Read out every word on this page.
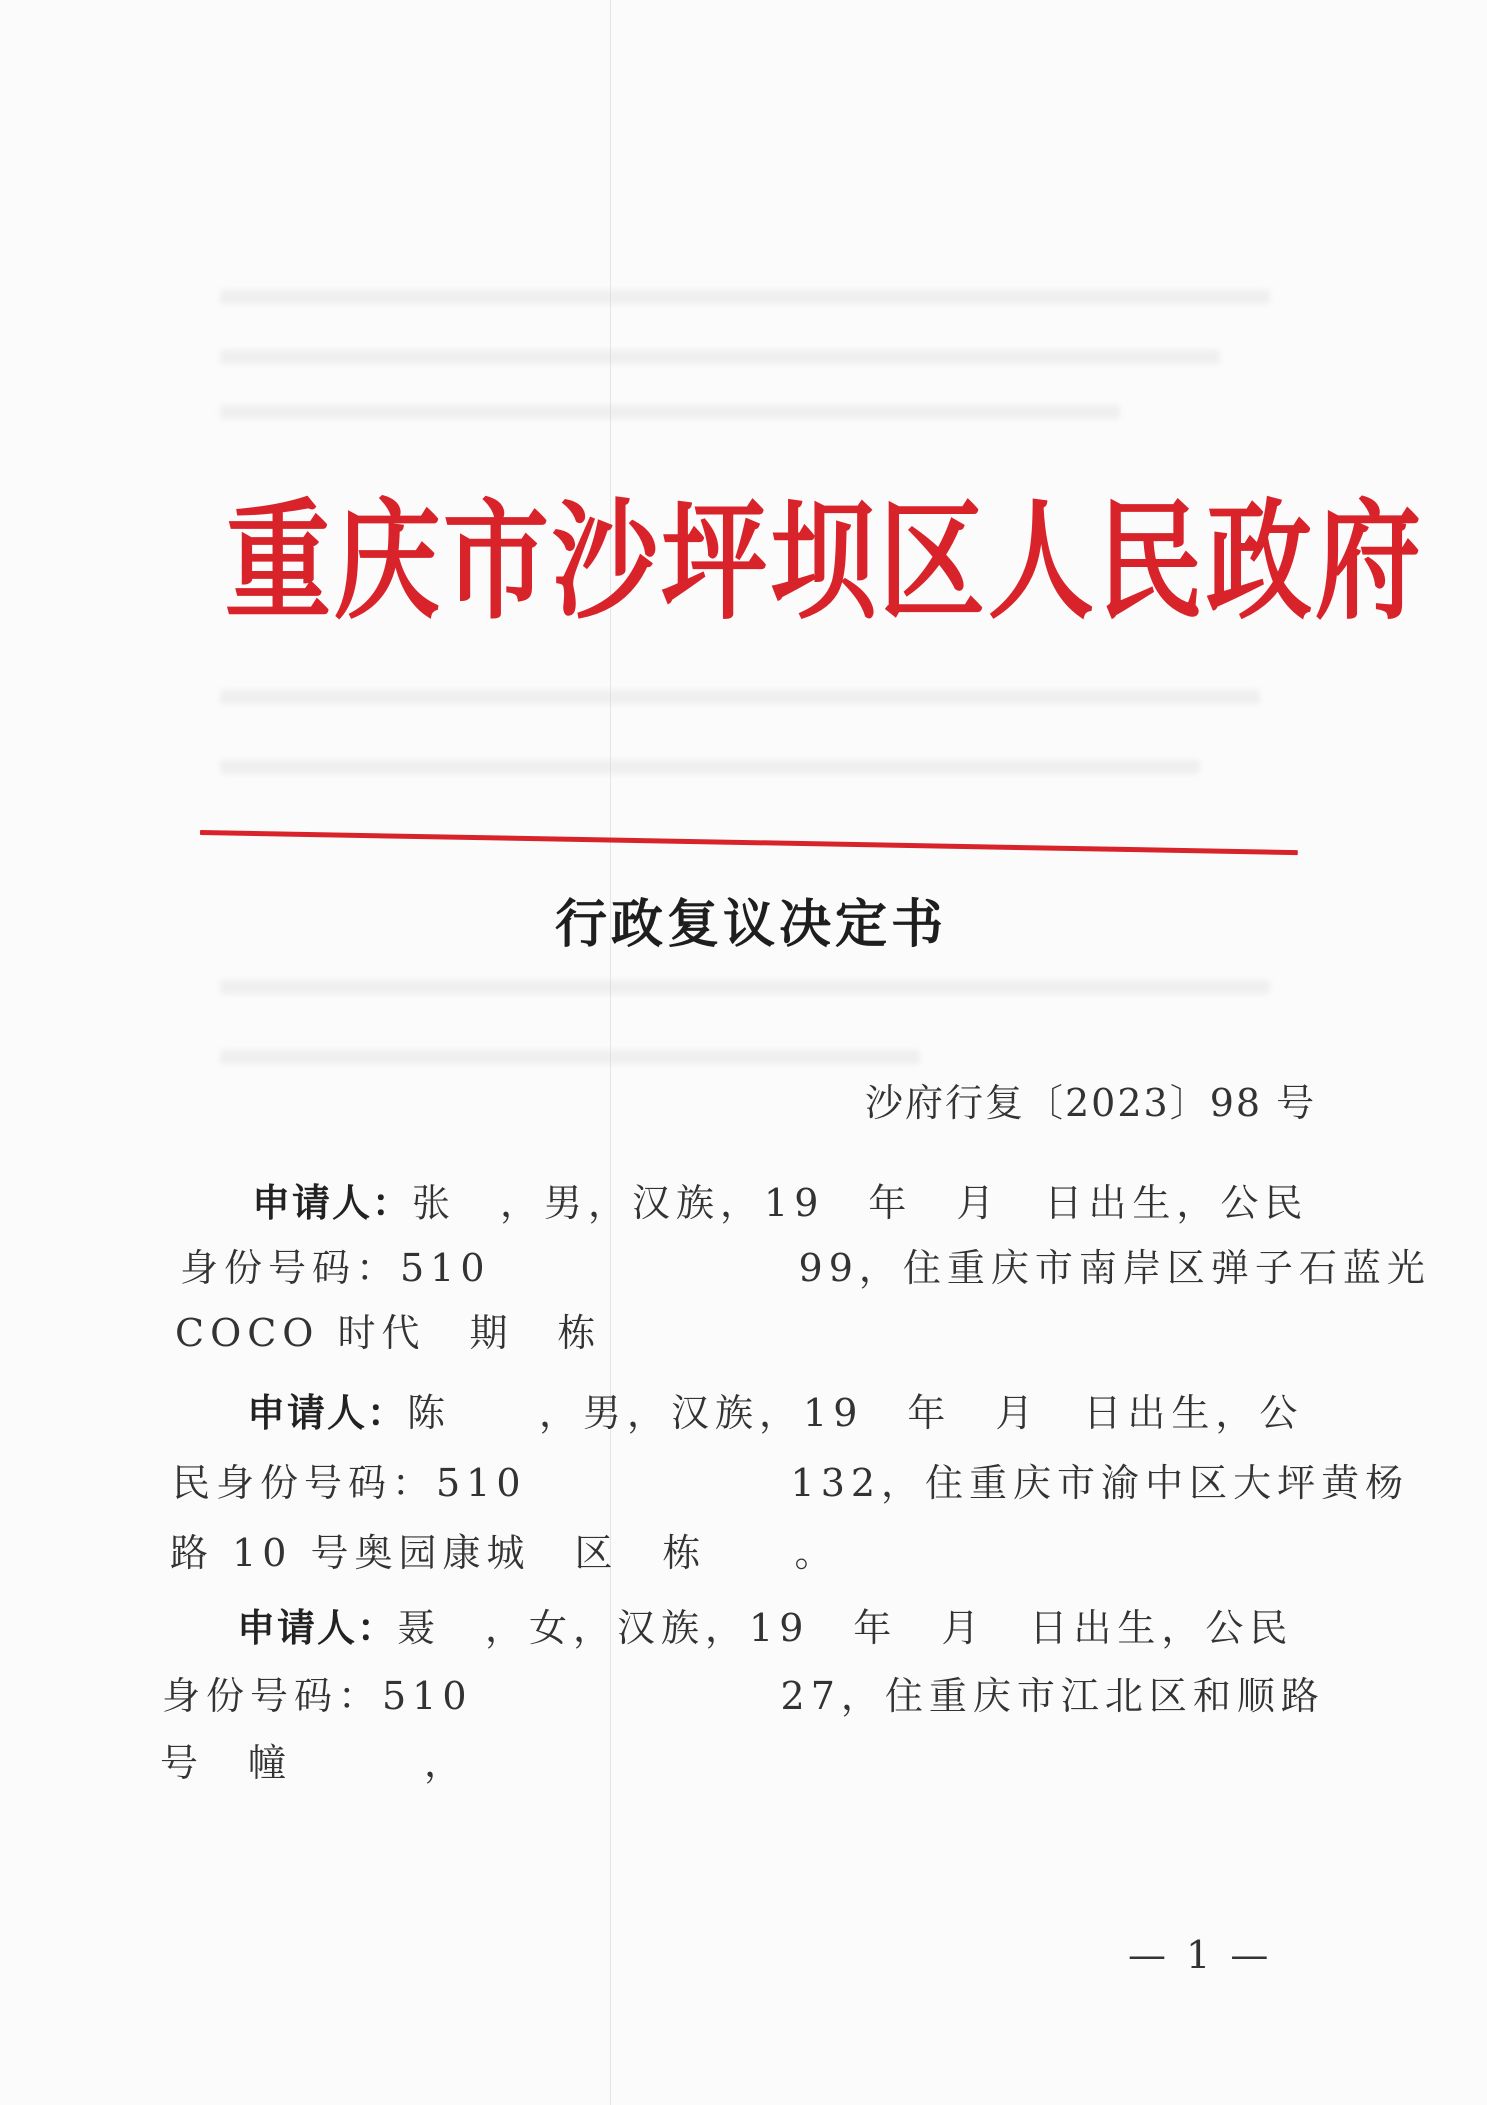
重庆市沙坪坝区人民政府
行政复议决定书
沙府行复〔2023〕98 号
申请人：张　，男，汉族，19　年　月　日出生，公民
身份号码：510　　　　　　　99，住重庆市南岸区弹子石蓝光
COCO 时代　期　栋
申请人：陈　　，男，汉族，19　年　月　日出生，公
民身份号码：510　　　　　　132，住重庆市渝中区大坪黄杨
路 10 号奥园康城　区　栋　　。
申请人：聂　，女，汉族，19　年　月　日出生，公民
身份号码：510　　　　　　　27，住重庆市江北区和顺路
号　幢　　　，
— 1 —
